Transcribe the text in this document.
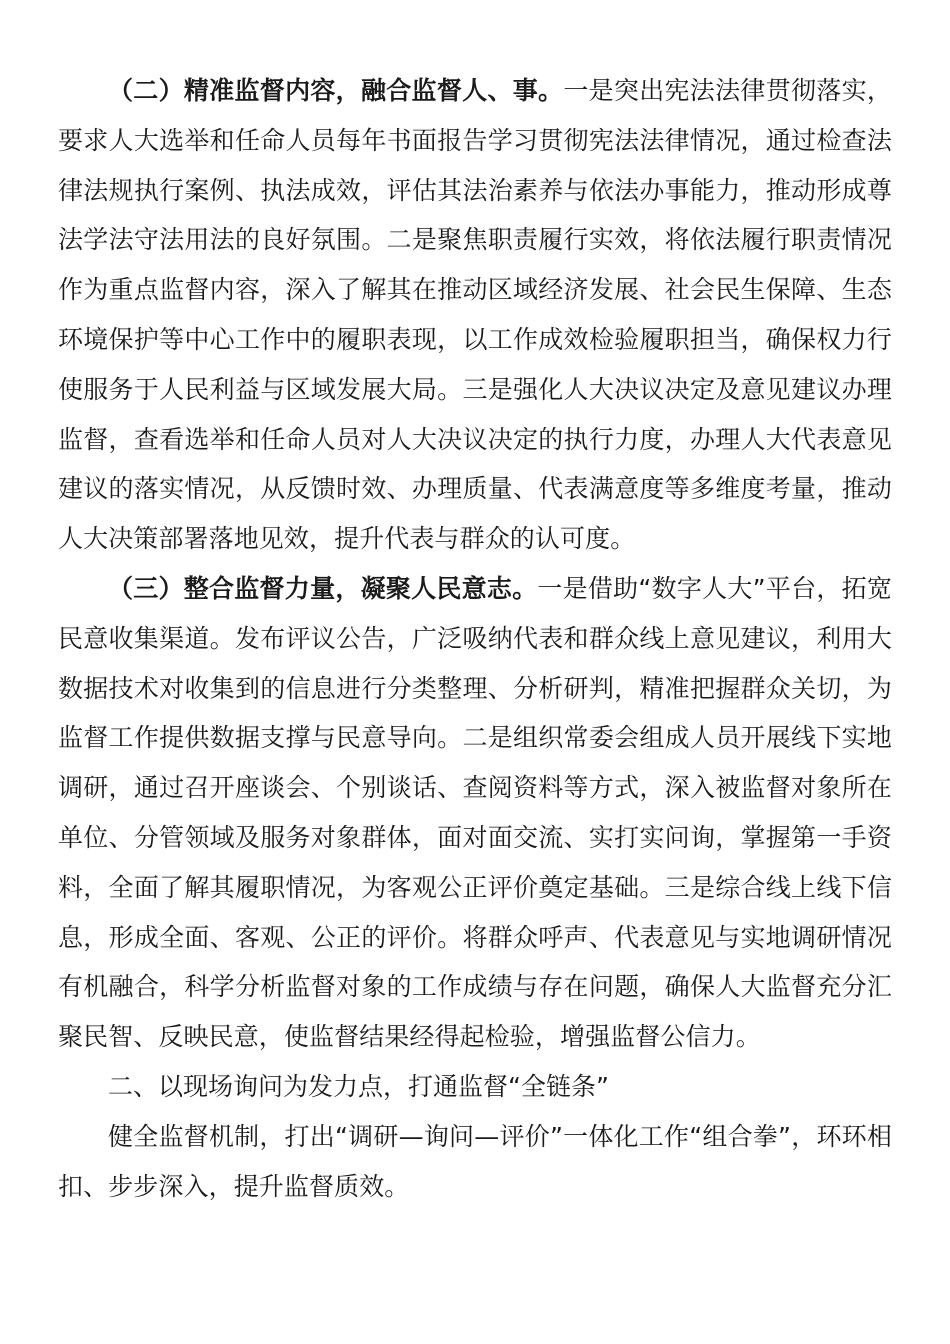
（二）精准监督内容，融合监督人、事。一是突出宪法法律贯彻落实，要求人大选举和任命人员每年书面报告学习贯彻宪法法律情况，通过检查法律法规执行案例、执法成效，评估其法治素养与依法办事能力，推动形成尊法学法守法用法的良好氛围。二是聚焦职责履行实效，将依法履行职责情况作为重点监督内容，深入了解其在推动区域经济发展、社会民生保障、生态环境保护等中心工作中的履职表现，以工作成效检验履职担当，确保权力行使服务于人民利益与区域发展大局。三是强化人大决议决定及意见建议办理监督，查看选举和任命人员对人大决议决定的执行力度，办理人大代表意见建议的落实情况，从反馈时效、办理质量、代表满意度等多维度考量，推动人大决策部署落地见效，提升代表与群众的认可度。

（三）整合监督力量，凝聚人民意志。一是借助“数字人大”平台，拓宽民意收集渠道。发布评议公告，广泛吸纳代表和群众线上意见建议，利用大数据技术对收集到的信息进行分类整理、分析研判，精准把握群众关切，为监督工作提供数据支撑与民意导向。二是组织常委会组成人员开展线下实地调研，通过召开座谈会、个别谈话、查阅资料等方式，深入被监督对象所在单位、分管领域及服务对象群体，面对面交流、实打实问询，掌握第一手资料，全面了解其履职情况，为客观公正评价奠定基础。三是综合线上线下信息，形成全面、客观、公正的评价。将群众呼声、代表意见与实地调研情况有机融合，科学分析监督对象的工作成绩与存在问题，确保人大监督充分汇聚民智、反映民意，使监督结果经得起检验，增强监督公信力。

二、以现场询问为发力点，打通监督“全链条”

健全监督机制，打出“调研—询问—评价”一体化工作“组合拳”，环环相扣、步步深入，提升监督质效。
